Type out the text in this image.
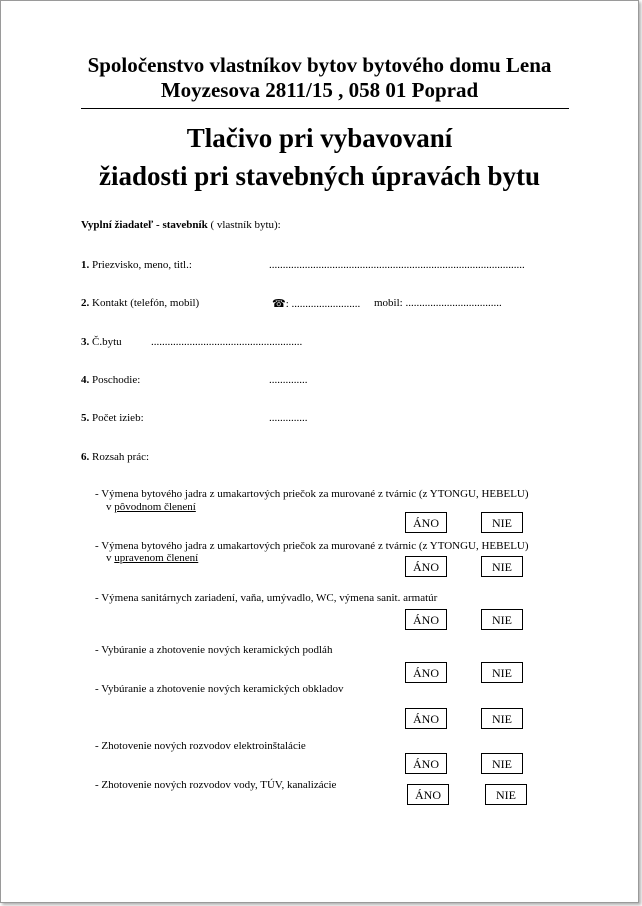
Spoločenstvo vlastníkov bytov bytového domu Lena
Moyzesova 2811/15 , 058 01 Poprad
Tlačivo pri vybavovaní
žiadosti pri stavebných úpravách bytu
Vyplní žiadateľ - stavebník ( vlastník bytu):
1. Priezvisko, meno, titl.:	.............................................................................................
2. Kontakt (telefón, mobil)	☎: ......................... mobil: ...................................
3. Č.bytu	.......................................................
4. Poschodie:	..............
5. Počet izieb:	..............
6. Rozsah prác:
- Výmena bytového jadra z umakartových priečok za murované z tvárnic (z YTONGU, HEBELU)
v pôvodnom členení
ÁNO	NIE
- Výmena bytového jadra z umakartových priečok za murované z tvárnic (z YTONGU, HEBELU)
v upravenom členení
ÁNO	NIE
- Výmena sanitárnych zariadení, vaňa, umývadlo, WC, výmena sanit. armatúr
ÁNO	NIE
- Vybúranie a zhotovenie nových keramických podláh
ÁNO	NIE
- Vybúranie a zhotovenie nových keramických obkladov
ÁNO	NIE
- Zhotovenie nových rozvodov elektroinštalácie
ÁNO	NIE
- Zhotovenie nových rozvodov vody, TÚV, kanalizácie
ÁNO	NIE
